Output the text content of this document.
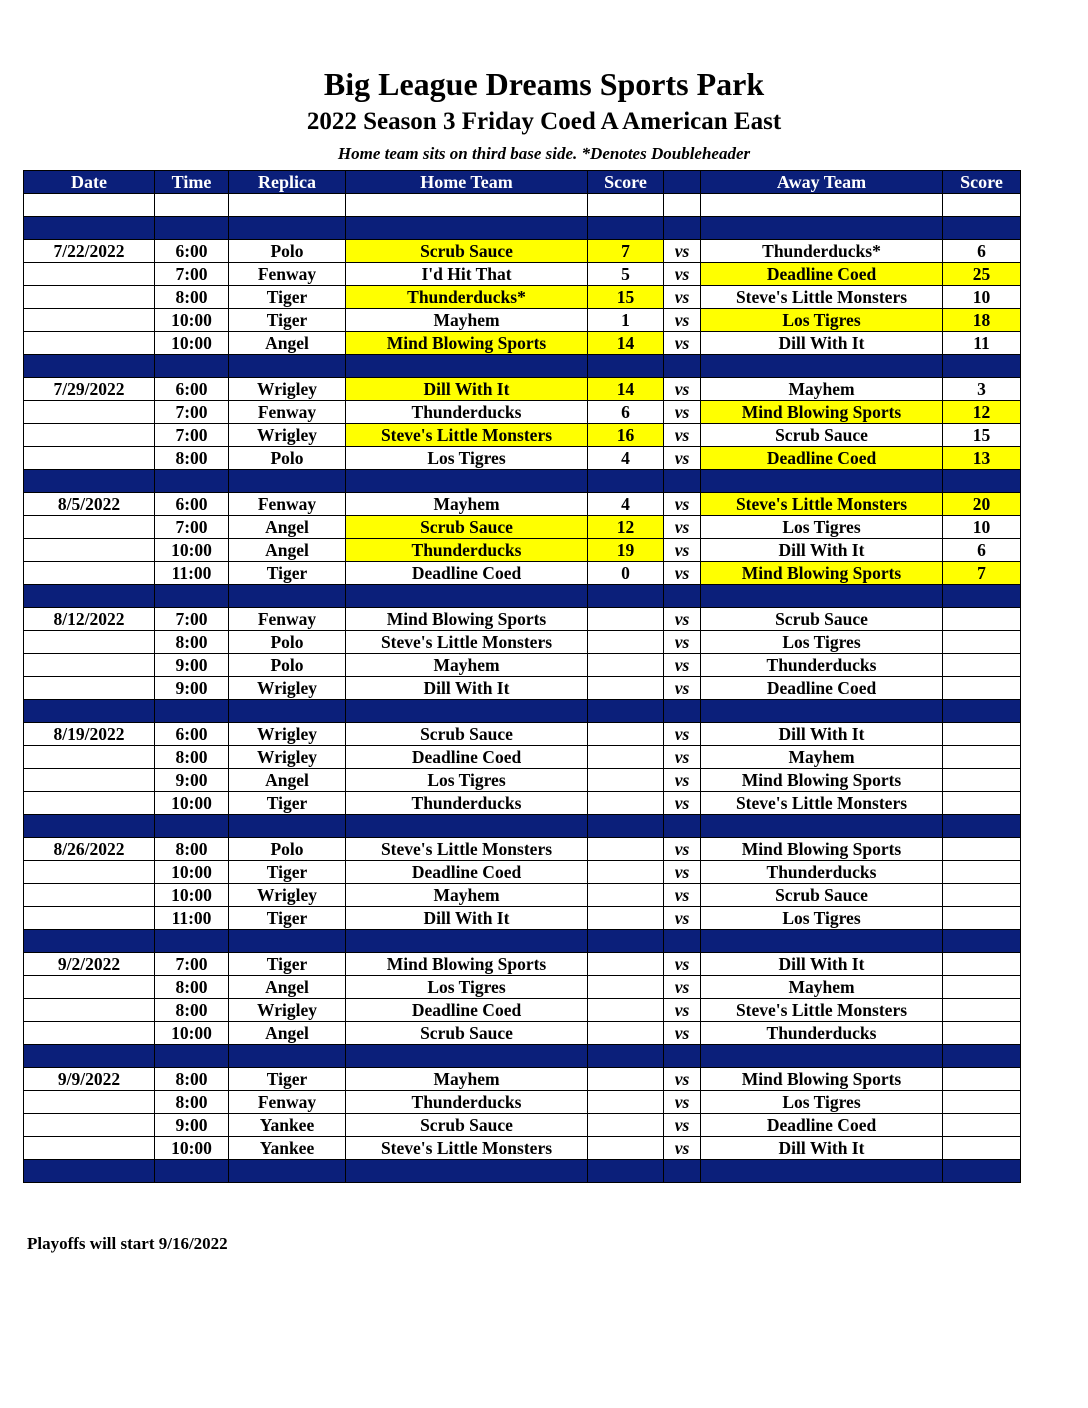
Big League Dreams Sports Park
2022 Season 3 Friday Coed A American East
Home team sits on third base side. *Denotes Doubleheader
Date	Time	Replica	Home Team	Score		Away Team	Score

7/22/2022	6:00	Polo	Scrub Sauce	7	vs	Thunderducks*	6
	7:00	Fenway	I'd Hit That	5	vs	Deadline Coed	25
	8:00	Tiger	Thunderducks*	15	vs	Steve's Little Monsters	10
	10:00	Tiger	Mayhem	1	vs	Los Tigres	18
	10:00	Angel	Mind Blowing Sports	14	vs	Dill With It	11

7/29/2022	6:00	Wrigley	Dill With It	14	vs	Mayhem	3
	7:00	Fenway	Thunderducks	6	vs	Mind Blowing Sports	12
	7:00	Wrigley	Steve's Little Monsters	16	vs	Scrub Sauce	15
	8:00	Polo	Los Tigres	4	vs	Deadline Coed	13

8/5/2022	6:00	Fenway	Mayhem	4	vs	Steve's Little Monsters	20
	7:00	Angel	Scrub Sauce	12	vs	Los Tigres	10
	10:00	Angel	Thunderducks	19	vs	Dill With It	6
	11:00	Tiger	Deadline Coed	0	vs	Mind Blowing Sports	7

8/12/2022	7:00	Fenway	Mind Blowing Sports		vs	Scrub Sauce	
	8:00	Polo	Steve's Little Monsters		vs	Los Tigres	
	9:00	Polo	Mayhem		vs	Thunderducks	
	9:00	Wrigley	Dill With It		vs	Deadline Coed	

8/19/2022	6:00	Wrigley	Scrub Sauce		vs	Dill With It	
	8:00	Wrigley	Deadline Coed		vs	Mayhem	
	9:00	Angel	Los Tigres		vs	Mind Blowing Sports	
	10:00	Tiger	Thunderducks		vs	Steve's Little Monsters	

8/26/2022	8:00	Polo	Steve's Little Monsters		vs	Mind Blowing Sports	
	10:00	Tiger	Deadline Coed		vs	Thunderducks	
	10:00	Wrigley	Mayhem		vs	Scrub Sauce	
	11:00	Tiger	Dill With It		vs	Los Tigres	

9/2/2022	7:00	Tiger	Mind Blowing Sports		vs	Dill With It	
	8:00	Angel	Los Tigres		vs	Mayhem	
	8:00	Wrigley	Deadline Coed		vs	Steve's Little Monsters	
	10:00	Angel	Scrub Sauce		vs	Thunderducks	

9/9/2022	8:00	Tiger	Mayhem		vs	Mind Blowing Sports	
	8:00	Fenway	Thunderducks		vs	Los Tigres	
	9:00	Yankee	Scrub Sauce		vs	Deadline Coed	
	10:00	Yankee	Steve's Little Monsters		vs	Dill With It	

Playoffs will start 9/16/2022
